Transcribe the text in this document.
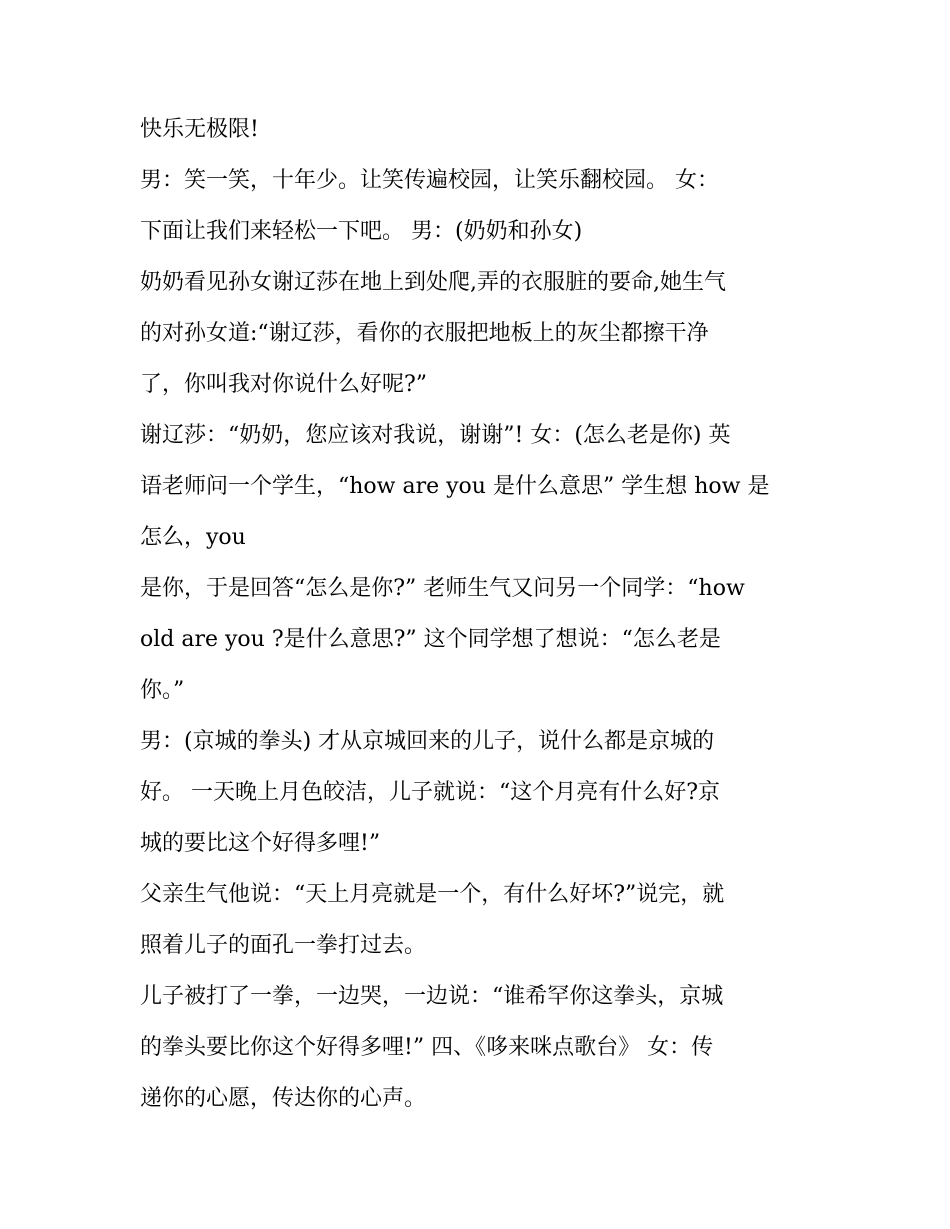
快乐无极限!
男：笑一笑，十年少。让笑传遍校园，让笑乐翻校园。 女：
下面让我们来轻松一下吧。 男：(奶奶和孙女)
奶奶看见孙女谢辽莎在地上到处爬,弄的衣服脏的要命,她生气
的对孙女道:“谢辽莎，看你的衣服把地板上的灰尘都擦干净
了，你叫我对你说什么好呢?”
谢辽莎：“奶奶，您应该对我说，谢谢”! 女：(怎么老是你) 英
语老师问一个学生，“how are you 是什么意思” 学生想 how 是
怎么，you
是你，于是回答“怎么是你?” 老师生气又问另一个同学：“how
old are you ?是什么意思?” 这个同学想了想说：“怎么老是
你。”
男：(京城的拳头) 才从京城回来的儿子，说什么都是京城的
好。 一天晚上月色皎洁，儿子就说：“这个月亮有什么好?京
城的要比这个好得多哩!”
父亲生气他说：“天上月亮就是一个，有什么好坏?”说完，就
照着儿子的面孔一拳打过去。
儿子被打了一拳，一边哭，一边说：“谁希罕你这拳头，京城
的拳头要比你这个好得多哩!” 四、《哆来咪点歌台》 女：传
递你的心愿，传达你的心声。
